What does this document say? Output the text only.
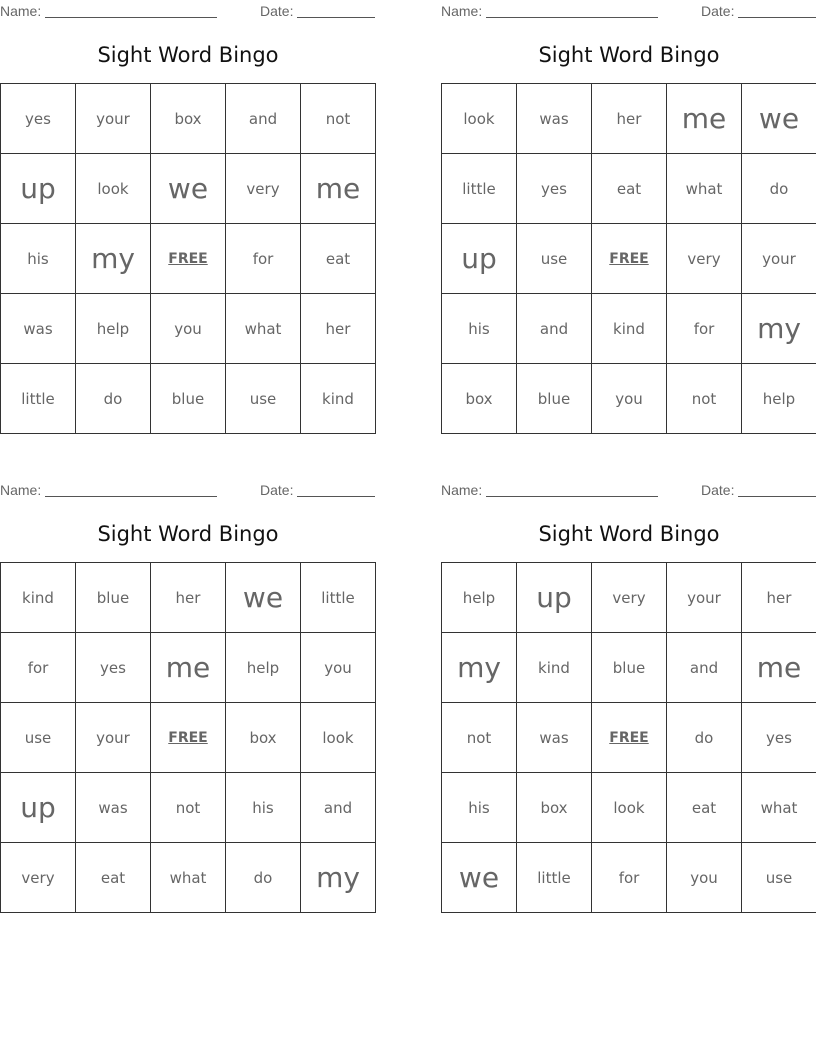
Name:	Date:
Sight Word Bingo
yes	your	box	and	not
up	look	we	very	me
his	my	FREE	for	eat
was	help	you	what	her
little	do	blue	use	kind
Name:	Date:
Sight Word Bingo
look	was	her	me	we
little	yes	eat	what	do
up	use	FREE	very	your
his	and	kind	for	my
box	blue	you	not	help
Name:	Date:
Sight Word Bingo
kind	blue	her	we	little
for	yes	me	help	you
use	your	FREE	box	look
up	was	not	his	and
very	eat	what	do	my
Name:	Date:
Sight Word Bingo
help	up	very	your	her
my	kind	blue	and	me
not	was	FREE	do	yes
his	box	look	eat	what
we	little	for	you	use
